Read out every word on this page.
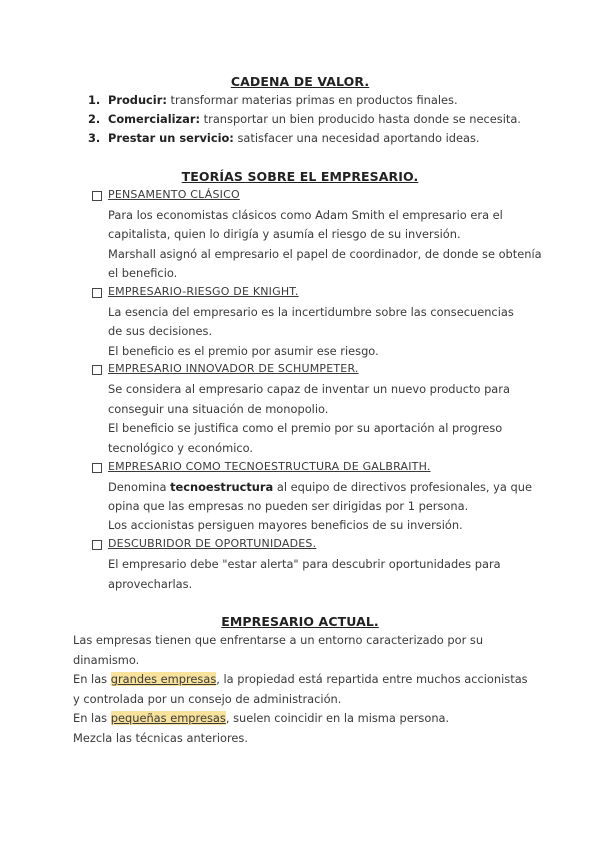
CADENA DE VALOR.
1. Producir: transformar materias primas en productos finales.
2. Comercializar: transportar un bien producido hasta donde se necesita.
3. Prestar un servicio: satisfacer una necesidad aportando ideas.
TEORÍAS SOBRE EL EMPRESARIO.
PENSAMENTO CLÁSICO
Para los economistas clásicos como Adam Smith el empresario era el
capitalista, quien lo dirigía y asumía el riesgo de su inversión.
Marshall asignó al empresario el papel de coordinador, de donde se obtenía
el beneficio.
EMPRESARIO-RIESGO DE KNIGHT.
La esencia del empresario es la incertidumbre sobre las consecuencias
de sus decisiones.
El beneficio es el premio por asumir ese riesgo.
EMPRESARIO INNOVADOR DE SCHUMPETER.
Se considera al empresario capaz de inventar un nuevo producto para
conseguir una situación de monopolio.
El beneficio se justifica como el premio por su aportación al progreso
tecnológico y económico.
EMPRESARIO COMO TECNOESTRUCTURA DE GALBRAITH.
Denomina tecnoestructura al equipo de directivos profesionales, ya que
opina que las empresas no pueden ser dirigidas por 1 persona.
Los accionistas persiguen mayores beneficios de su inversión.
DESCUBRIDOR DE OPORTUNIDADES.
El empresario debe "estar alerta" para descubrir oportunidades para
aprovecharlas.
EMPRESARIO ACTUAL.
Las empresas tienen que enfrentarse a un entorno caracterizado por su
dinamismo.
En las grandes empresas, la propiedad está repartida entre muchos accionistas
y controlada por un consejo de administración.
En las pequeñas empresas, suelen coincidir en la misma persona.
Mezcla las técnicas anteriores.
